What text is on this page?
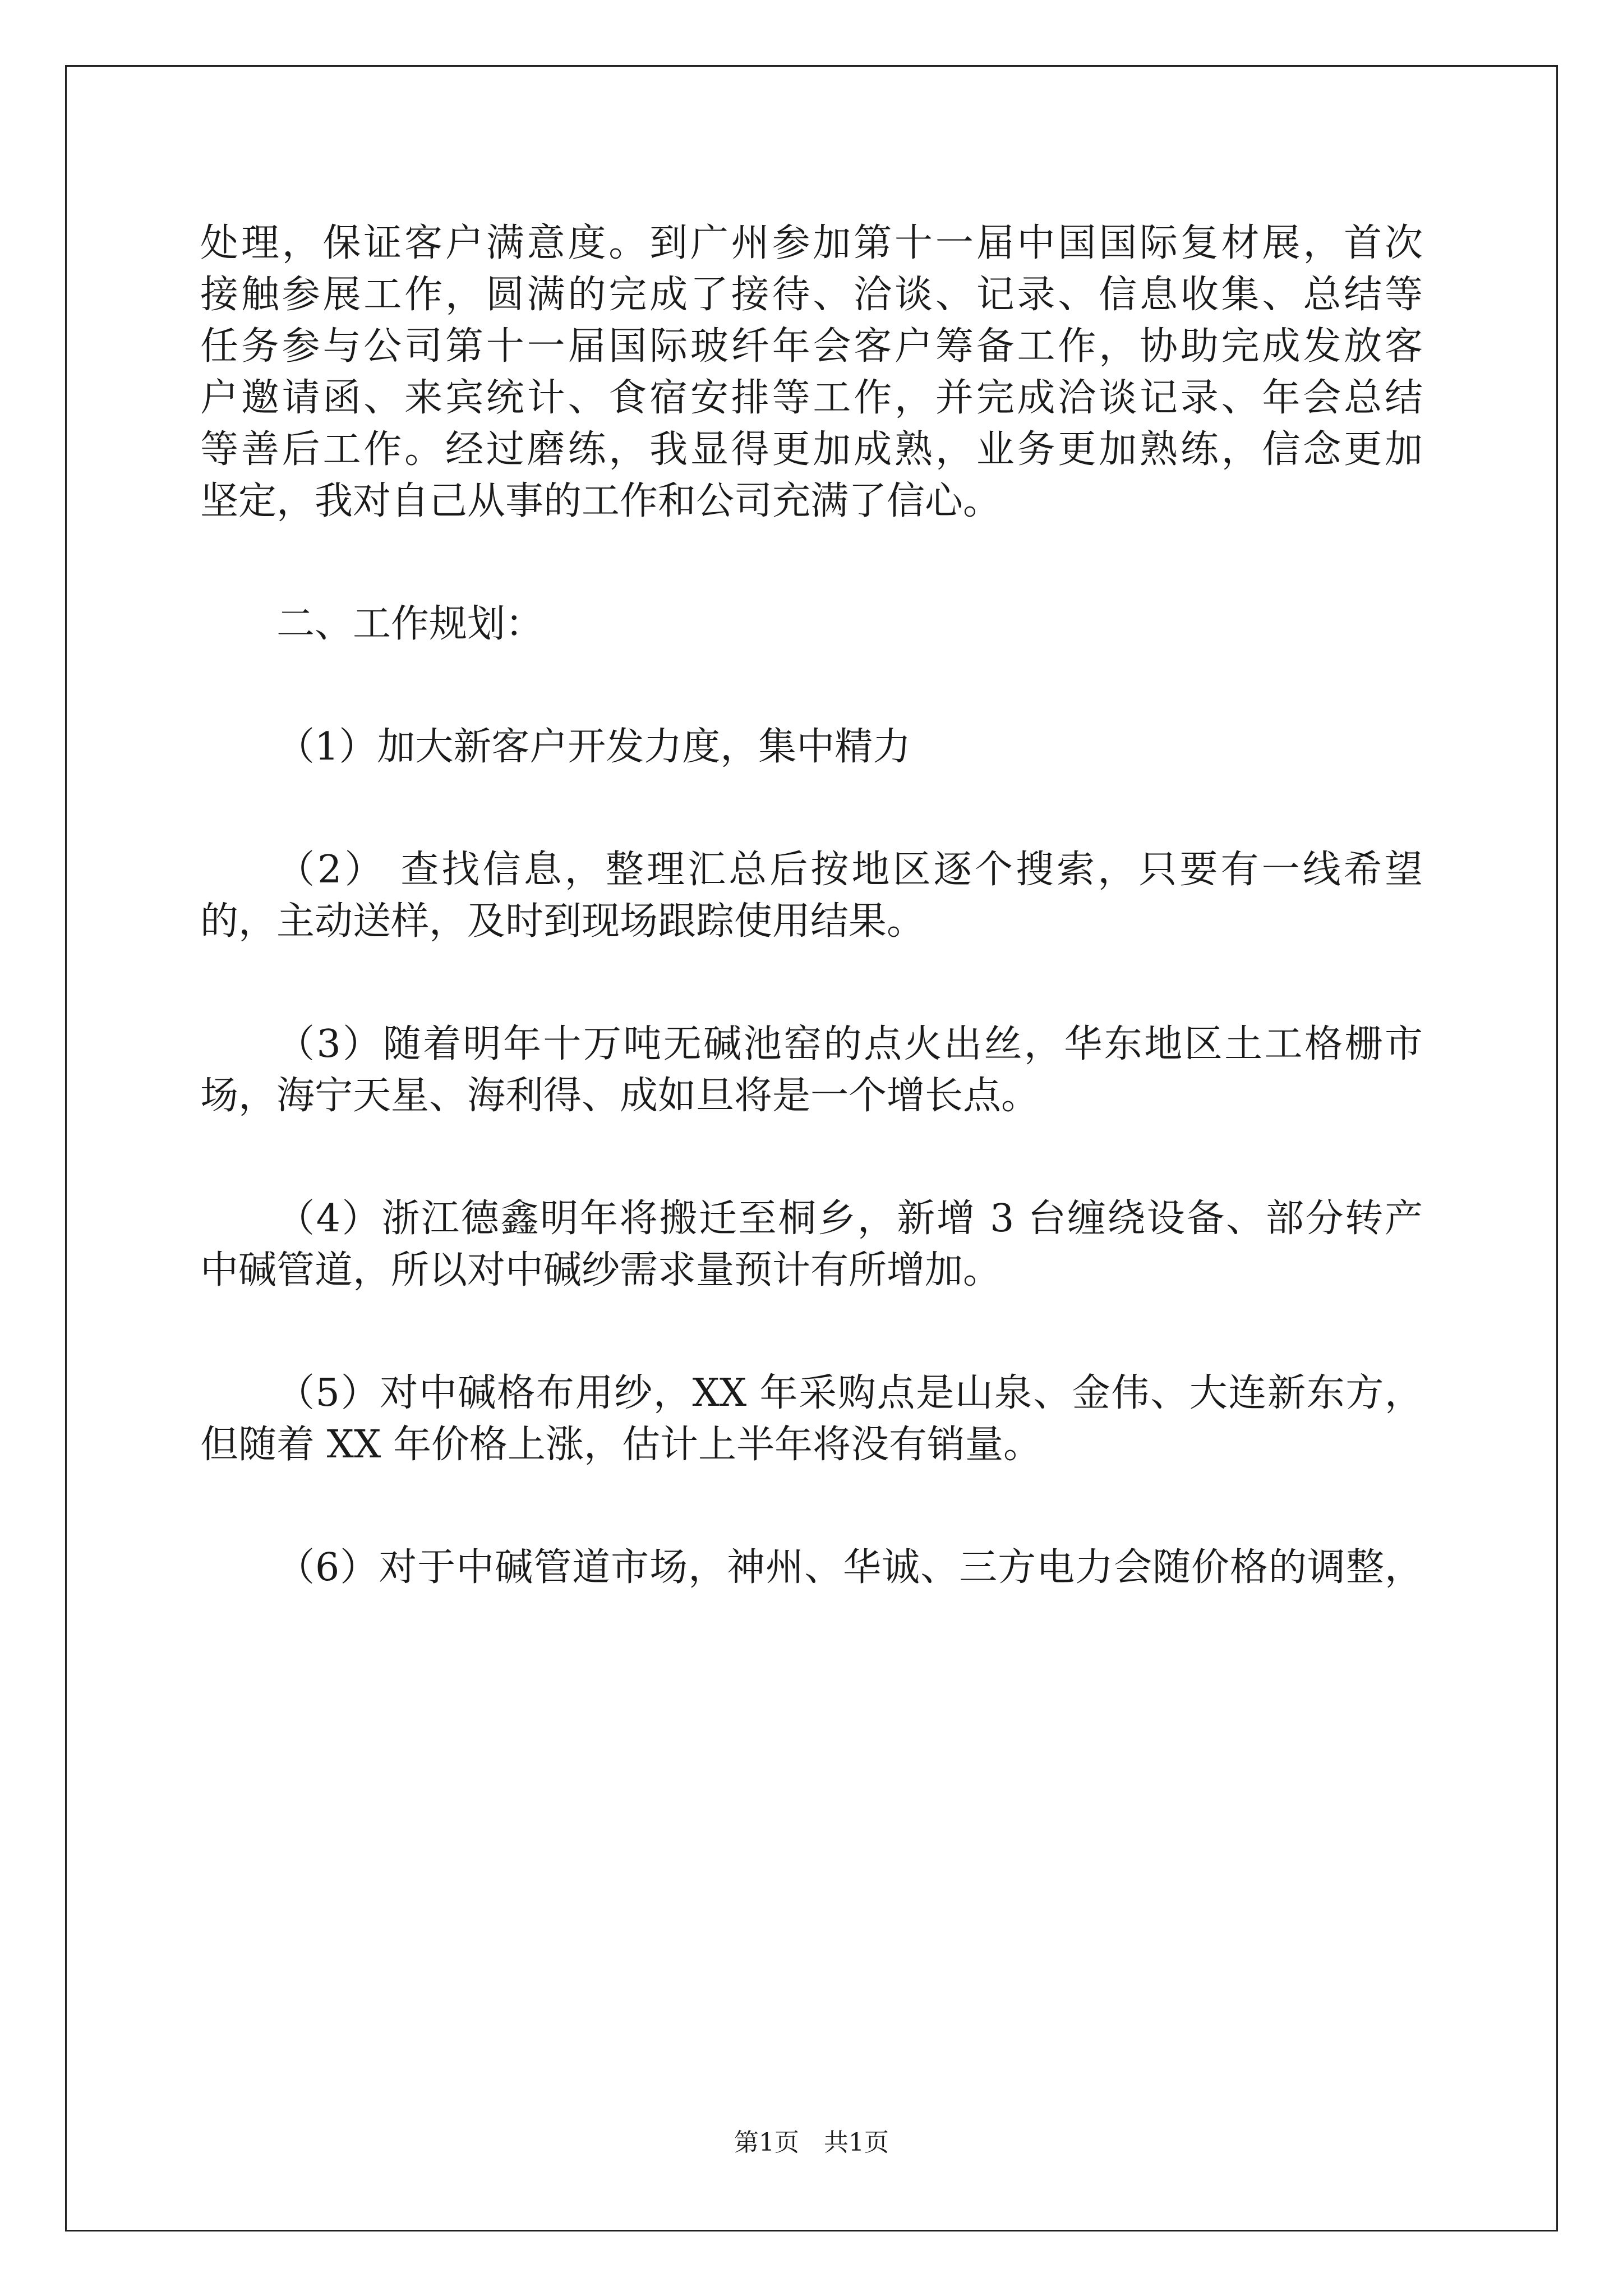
处理，保证客户满意度。到广州参加第十一届中国国际复材展，首次
接触参展工作，圆满的完成了接待、洽谈、记录、信息收集、总结等
任务参与公司第十一届国际玻纤年会客户筹备工作，协助完成发放客
户邀请函、来宾统计、食宿安排等工作，并完成洽谈记录、年会总结
等善后工作。经过磨练，我显得更加成熟，业务更加熟练，信念更加
坚定，我对自己从事的工作和公司充满了信心。
二、工作规划：
（1）加大新客户开发力度，集中精力
（2） 查找信息，整理汇总后按地区逐个搜索，只要有一线希望
的，主动送样，及时到现场跟踪使用结果。
（3）随着明年十万吨无碱池窑的点火出丝，华东地区土工格栅市
场，海宁天星、海利得、成如旦将是一个增长点。
（4）浙江德鑫明年将搬迁至桐乡，新增 3 台缠绕设备、部分转产
中碱管道，所以对中碱纱需求量预计有所增加。
（5）对中碱格布用纱，XX 年采购点是山泉、金伟、大连新东方，
但随着 XX 年价格上涨，估计上半年将没有销量。
（6）对于中碱管道市场，神州、华诚、三方电力会随价格的调整，
第1页　共1页
